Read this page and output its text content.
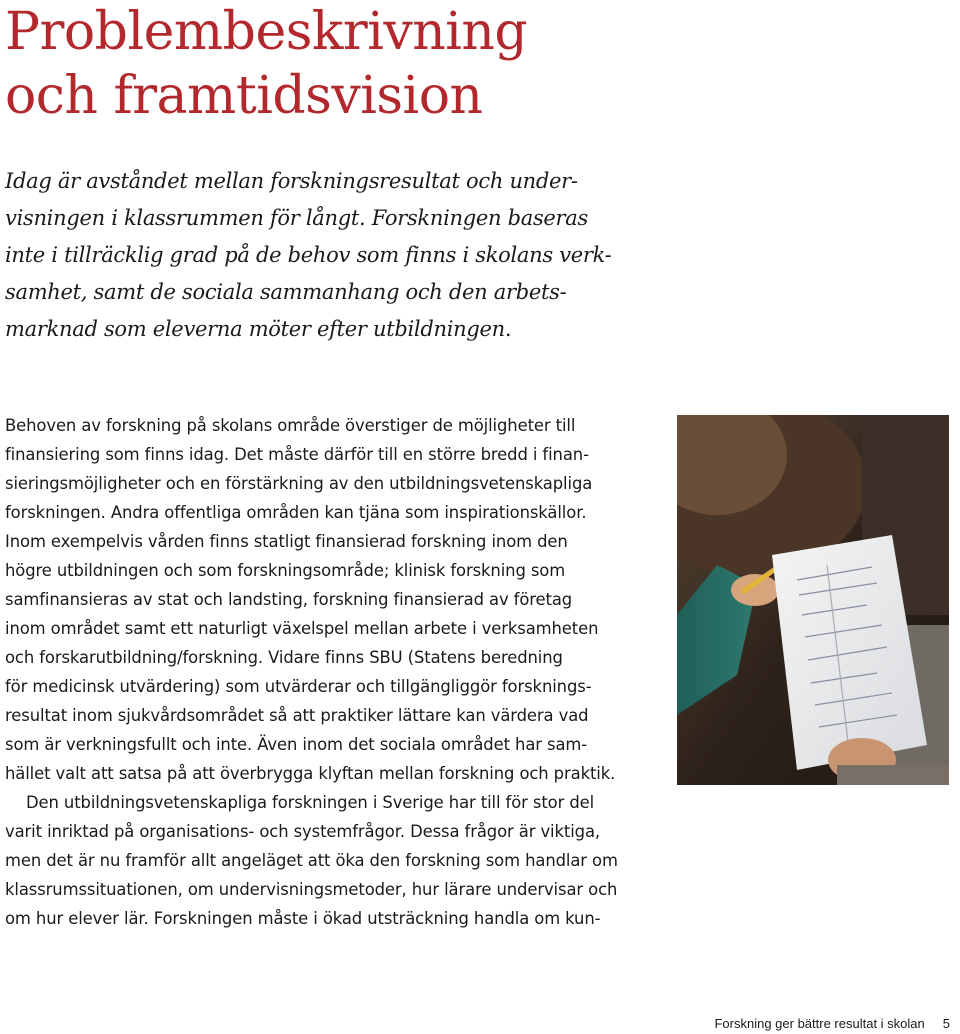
Problembeskrivning
och framtidsvision

Idag är avståndet mellan forskningsresultat och under-
visningen i klassrummen för långt. Forskningen baseras
inte i tillräcklig grad på de behov som finns i skolans verk-
samhet, samt de sociala sammanhang och den arbets-
marknad som eleverna möter efter utbildningen.

Behoven av forskning på skolans område överstiger de möjligheter till
finansiering som finns idag. Det måste därför till en större bredd i finan-
sieringsmöjligheter och en förstärkning av den utbildningsvetenskapliga
forskningen. Andra offentliga områden kan tjäna som inspirationskällor.
Inom exempelvis vården finns statligt finansierad forskning inom den
högre utbildningen och som forskningsområde; klinisk forskning som
samfinansieras av stat och landsting, forskning finansierad av företag
inom området samt ett naturligt växelspel mellan arbete i verksamheten
och forskarutbildning/forskning. Vidare finns SBU (Statens beredning
för medicinsk utvärdering) som utvärderar och tillgängliggör forsknings-
resultat inom sjukvårdsområdet så att praktiker lättare kan värdera vad
som är verkningsfullt och inte. Även inom det sociala området har sam-
hället valt att satsa på att överbrygga klyftan mellan forskning och praktik.
Den utbildningsvetenskapliga forskningen i Sverige har till för stor del
varit inriktad på organisations- och systemfrågor. Dessa frågor är viktiga,
men det är nu framför allt angeläget att öka den forskning som handlar om
klassrumssituationen, om undervisningsmetoder, hur lärare undervisar och
om hur elever lär. Forskningen måste i ökad utsträckning handla om kun-
Forskning ger bättre resultat i skolan 5
